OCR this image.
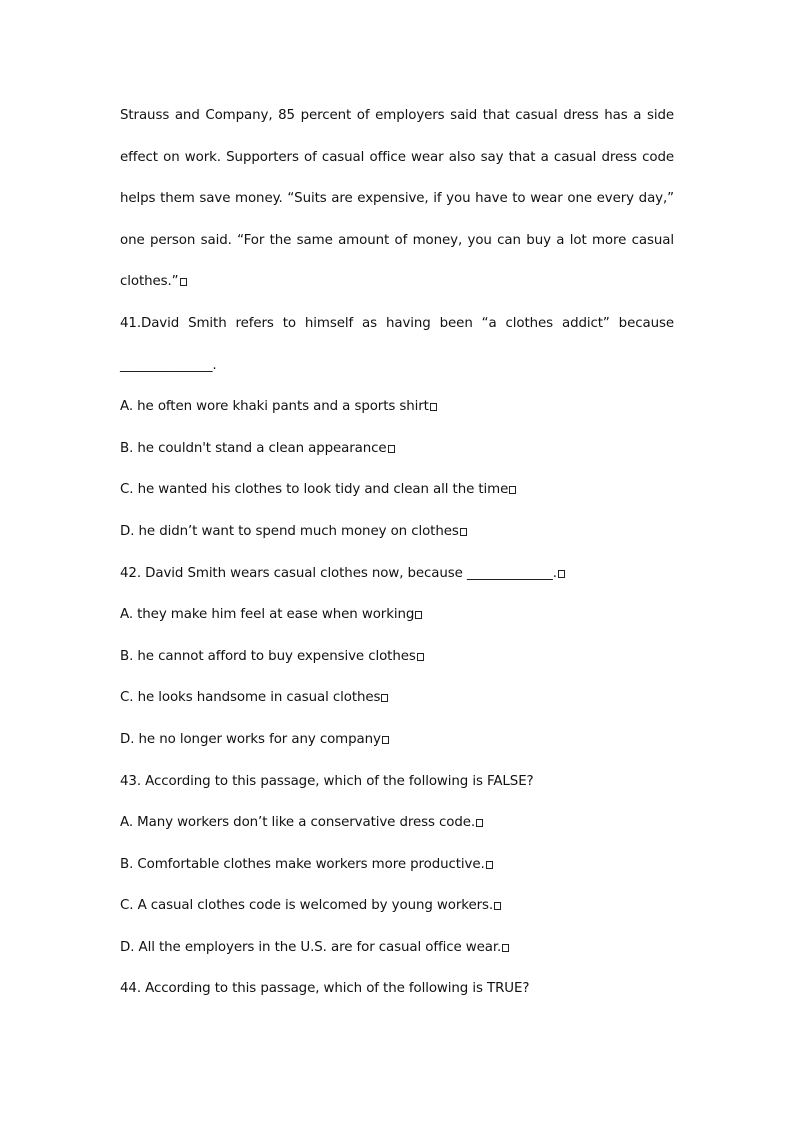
Strauss and Company, 85 percent of employers said that casual dress has a side
effect on work. Supporters of casual office wear also say that a casual dress code
helps them save money. “Suits are expensive, if you have to wear one every day,”
one person said. “For the same amount of money, you can buy a lot more casual
clothes.”
41.David Smith refers to himself as having been “a clothes addict” because
______________.
A. he often wore khaki pants and a sports shirt
B. he couldn't stand a clean appearance
C. he wanted his clothes to look tidy and clean all the time
D. he didn’t want to spend much money on clothes
42. David Smith wears casual clothes now, because _____________.
A. they make him feel at ease when working
B. he cannot afford to buy expensive clothes
C. he looks handsome in casual clothes
D. he no longer works for any company
43. According to this passage, which of the following is FALSE?
A. Many workers don’t like a conservative dress code.
B. Comfortable clothes make workers more productive.
C. A casual clothes code is welcomed by young workers.
D. All the employers in the U.S. are for casual office wear.
44. According to this passage, which of the following is TRUE?
